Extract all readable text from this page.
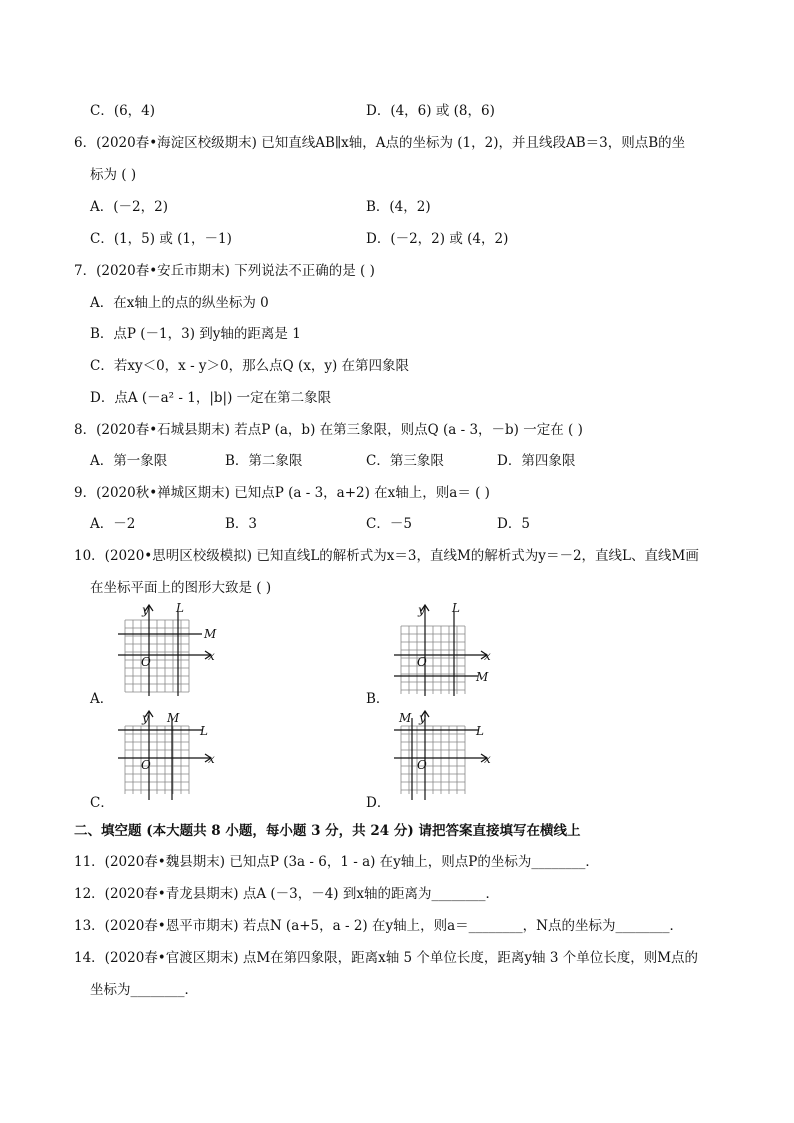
C．(6，4)	D．(4，6) 或 (8，6)
6．(2020春•海淀区校级期末) 已知直线AB∥x轴，A点的坐标为 (1，2)，并且线段AB＝3，则点B的坐
标为 ( )
A．(－2，2)	B．(4，2)
C．(1，5) 或 (1，－1)	D．(－2，2) 或 (4，2)
7．(2020春•安丘市期末) 下列说法不正确的是 ( )
A．在x轴上的点的纵坐标为 0
B．点P (－1，3) 到y轴的距离是 1
C．若xy＜0，x - y＞0，那么点Q (x，y) 在第四象限
D．点A (－a² - 1，|b|) 一定在第二象限
8．(2020春•石城县期末) 若点P (a，b) 在第三象限，则点Q (a - 3，－b) 一定在 ( )
A．第一象限	B．第二象限	C．第三象限	D．第四象限
9．(2020秋•禅城区期末) 已知点P (a - 3，a+2) 在x轴上，则a＝ ( )
A．－2	B．3	C．－5	D．5
10．(2020•思明区校级模拟) 已知直线L的解析式为x＝3，直线M的解析式为y＝－2，直线L、直线M画
在坐标平面上的图形大致是 ( )
y L
M
x
O
A．
y L
x
M
O
B．
y M
L
x
O
C．
M y
L
x
O
D．
二、填空题 (本大题共 8 小题，每小题 3 分，共 24 分) 请把答案直接填写在横线上
11．(2020春•魏县期末) 已知点P (3a - 6，1 - a) 在y轴上，则点P的坐标为________．
12．(2020春•青龙县期末) 点A (－3，－4) 到x轴的距离为________．
13．(2020春•恩平市期末) 若点N (a+5，a - 2) 在y轴上，则a＝________，N点的坐标为________．
14．(2020春•官渡区期末) 点M在第四象限，距离x轴 5 个单位长度，距离y轴 3 个单位长度，则M点的
坐标为________．
